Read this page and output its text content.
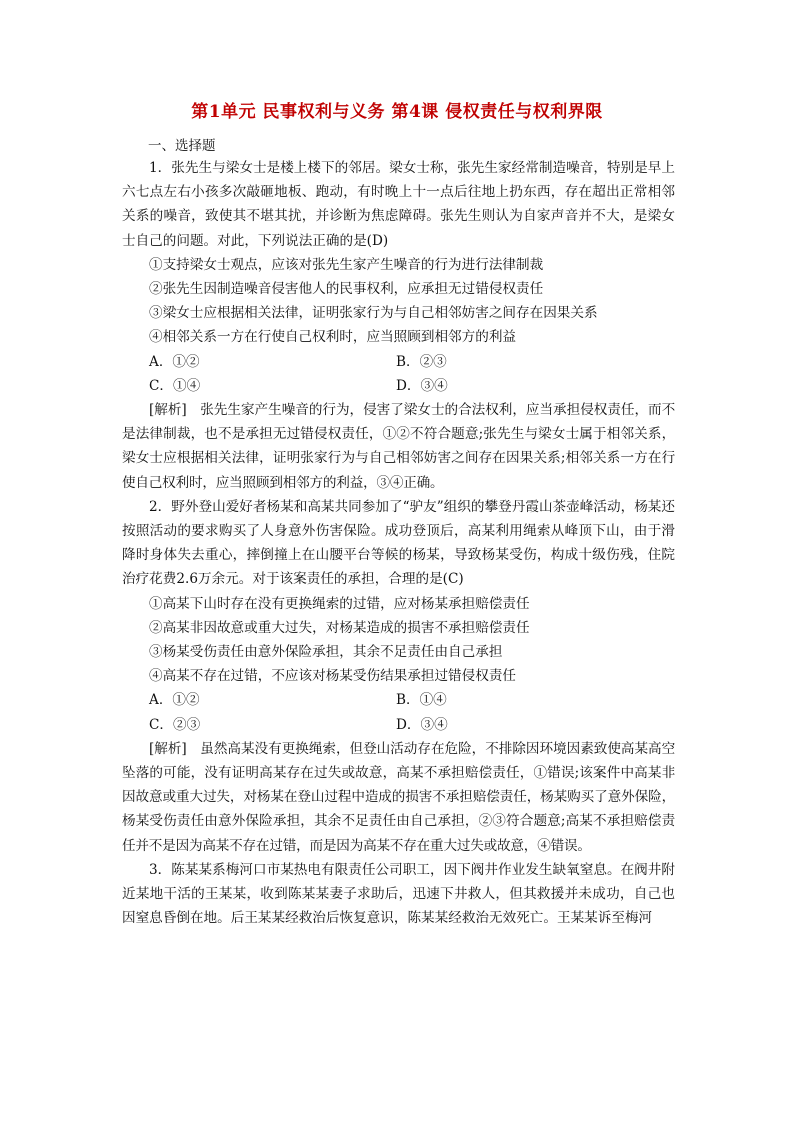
第1单元 民事权利与义务 第4课 侵权责任与权利界限
一、选择题

1．张先生与梁女士是楼上楼下的邻居。梁女士称，张先生家经常制造噪音，特别是早上六七点左右小孩多次敲砸地板、跑动，有时晚上十一点后往地上扔东西，存在超出正常相邻关系的噪音，致使其不堪其扰，并诊断为焦虑障碍。张先生则认为自家声音并不大，是梁女士自己的问题。对此，下列说法正确的是(D)

①支持梁女士观点，应该对张先生家产生噪音的行为进行法律制裁

②张先生因制造噪音侵害他人的民事权利，应承担无过错侵权责任

③梁女士应根据相关法律，证明张家行为与自己相邻妨害之间存在因果关系

④相邻关系一方在行使自己权利时，应当照顾到相邻方的利益

A．①②	B．②③
C．①④	D．③④

[解析]　 张先生家产生噪音的行为，侵害了梁女士的合法权利，应当承担侵权责任，而不是法律制裁，也不是承担无过错侵权责任，①②不符合题意;张先生与梁女士属于相邻关系，梁女士应根据相关法律，证明张家行为与自己相邻妨害之间存在因果关系;相邻关系一方在行使自己权利时，应当照顾到相邻方的利益，③④正确。

2．野外登山爱好者杨某和高某共同参加了“驴友”组织的攀登丹霞山茶壶峰活动，杨某还按照活动的要求购买了人身意外伤害保险。成功登顶后，高某利用绳索从峰顶下山，由于滑降时身体失去重心，摔倒撞上在山腰平台等候的杨某，导致杨某受伤，构成十级伤残，住院治疗花费2.6万余元。对于该案责任的承担，合理的是(C)

①高某下山时存在没有更换绳索的过错，应对杨某承担赔偿责任

②高某非因故意或重大过失，对杨某造成的损害不承担赔偿责任

③杨某受伤责任由意外保险承担，其余不足责任由自己承担

④高某不存在过错，不应该对杨某受伤结果承担过错侵权责任

A．①②	B．①④
C．②③	D．③④

[解析]　 虽然高某没有更换绳索，但登山活动存在危险，不排除因环境因素致使高某高空坠落的可能，没有证明高某存在过失或故意，高某不承担赔偿责任，①错误;该案件中高某非因故意或重大过失，对杨某在登山过程中造成的损害不承担赔偿责任，杨某购买了意外保险，杨某受伤责任由意外保险承担，其余不足责任由自己承担，②③符合题意;高某不承担赔偿责任并不是因为高某不存在过错，而是因为高某不存在重大过失或故意，④错误。

3．陈某某系梅河口市某热电有限责任公司职工，因下阀井作业发生缺氧窒息。在阀井附近某地干活的王某某，收到陈某某妻子求助后，迅速下井救人，但其救援并未成功，自己也因窒息昏倒在地。后王某某经救治后恢复意识，陈某某经救治无效死亡。王某某诉至梅河
